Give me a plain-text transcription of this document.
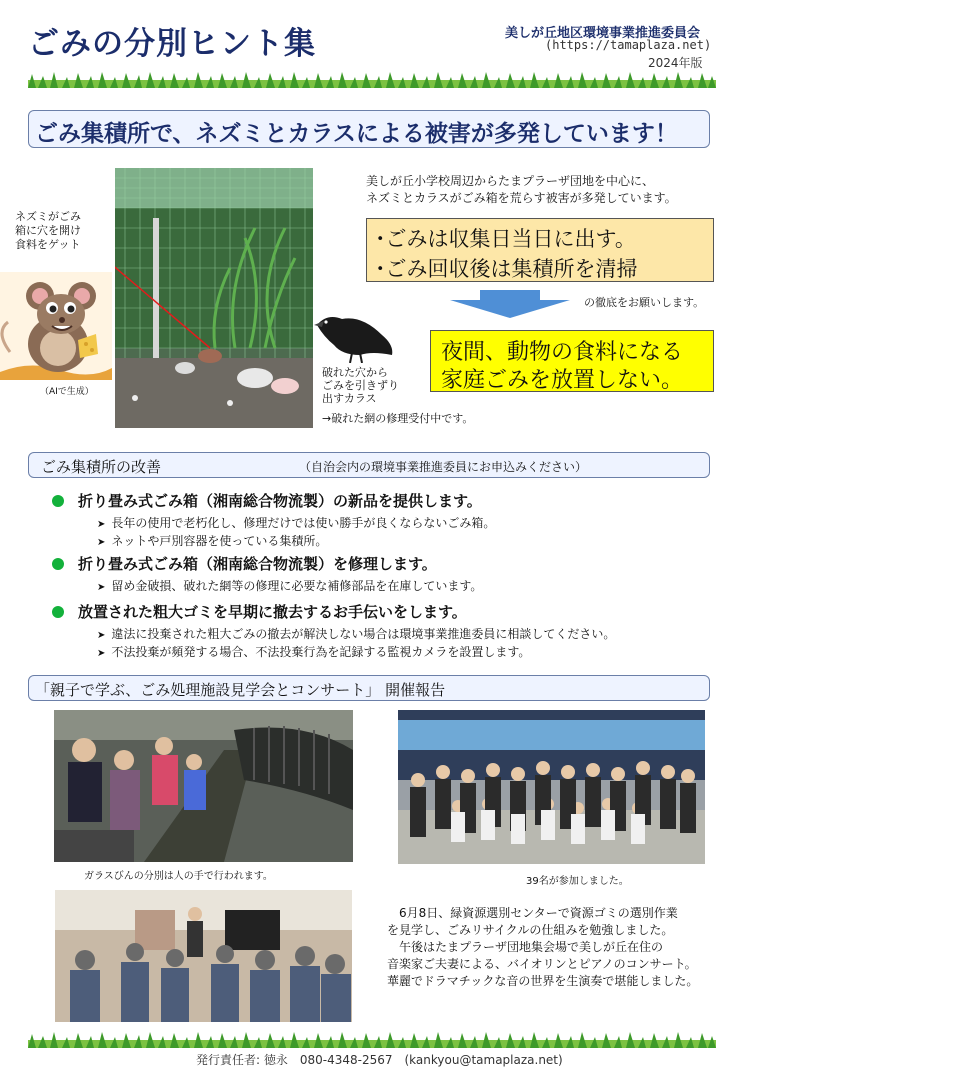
ごみの分別ヒント集	美しが丘地区環境事業推進委員会
(https://tamaplaza.net)
2024年版
ごみ集積所で、ネズミとカラスによる被害が多発しています！
ネズミがごみ
箱に穴を開け
食料をゲット
（AIで生成）
破れた穴から
ごみを引きずり
出すカラス
→破れた網の修理受付中です。
美しが丘小学校周辺からたまプラーザ団地を中心に、
ネズミとカラスがごみ箱を荒らす被害が多発しています。
･ごみは収集日当日に出す。
･ごみ回収後は集積所を清掃
の徹底をお願いします。
夜間、動物の食料になる
家庭ごみを放置しない。
ごみ集積所の改善	（自治会内の環境事業推進委員にお申込みください）
折り畳み式ごみ箱（湘南総合物流製）の新品を提供します。
➤ 長年の使用で老朽化し、修理だけでは使い勝手が良くならないごみ箱。
➤ ネットや戸別容器を使っている集積所。
折り畳み式ごみ箱（湘南総合物流製）を修理します。
➤ 留め金破損、破れた網等の修理に必要な補修部品を在庫しています。
放置された粗大ゴミを早期に撤去するお手伝いをします。
➤ 違法に投棄された粗大ごみの撤去が解決しない場合は環境事業推進委員に相談してください。
➤ 不法投棄が頻発する場合、不法投棄行為を記録する監視カメラを設置します。
「親子で学ぶ、ごみ処理施設見学会とコンサート」 開催報告
ガラスびんの分別は人の手で行われます。	39名が参加しました。
　6月8日、緑資源選別センターで資源ゴミの選別作業
を見学し、ごみリサイクルの仕組みを勉強しました。
　午後はたまプラーザ団地集会場で美しが丘在住の
音楽家ご夫妻による、バイオリンとピアノのコンサート。
華麗でドラマチックな音の世界を生演奏で堪能しました。
発行責任者: 徳永　080-4348-2567　(kankyou@tamaplaza.net)
